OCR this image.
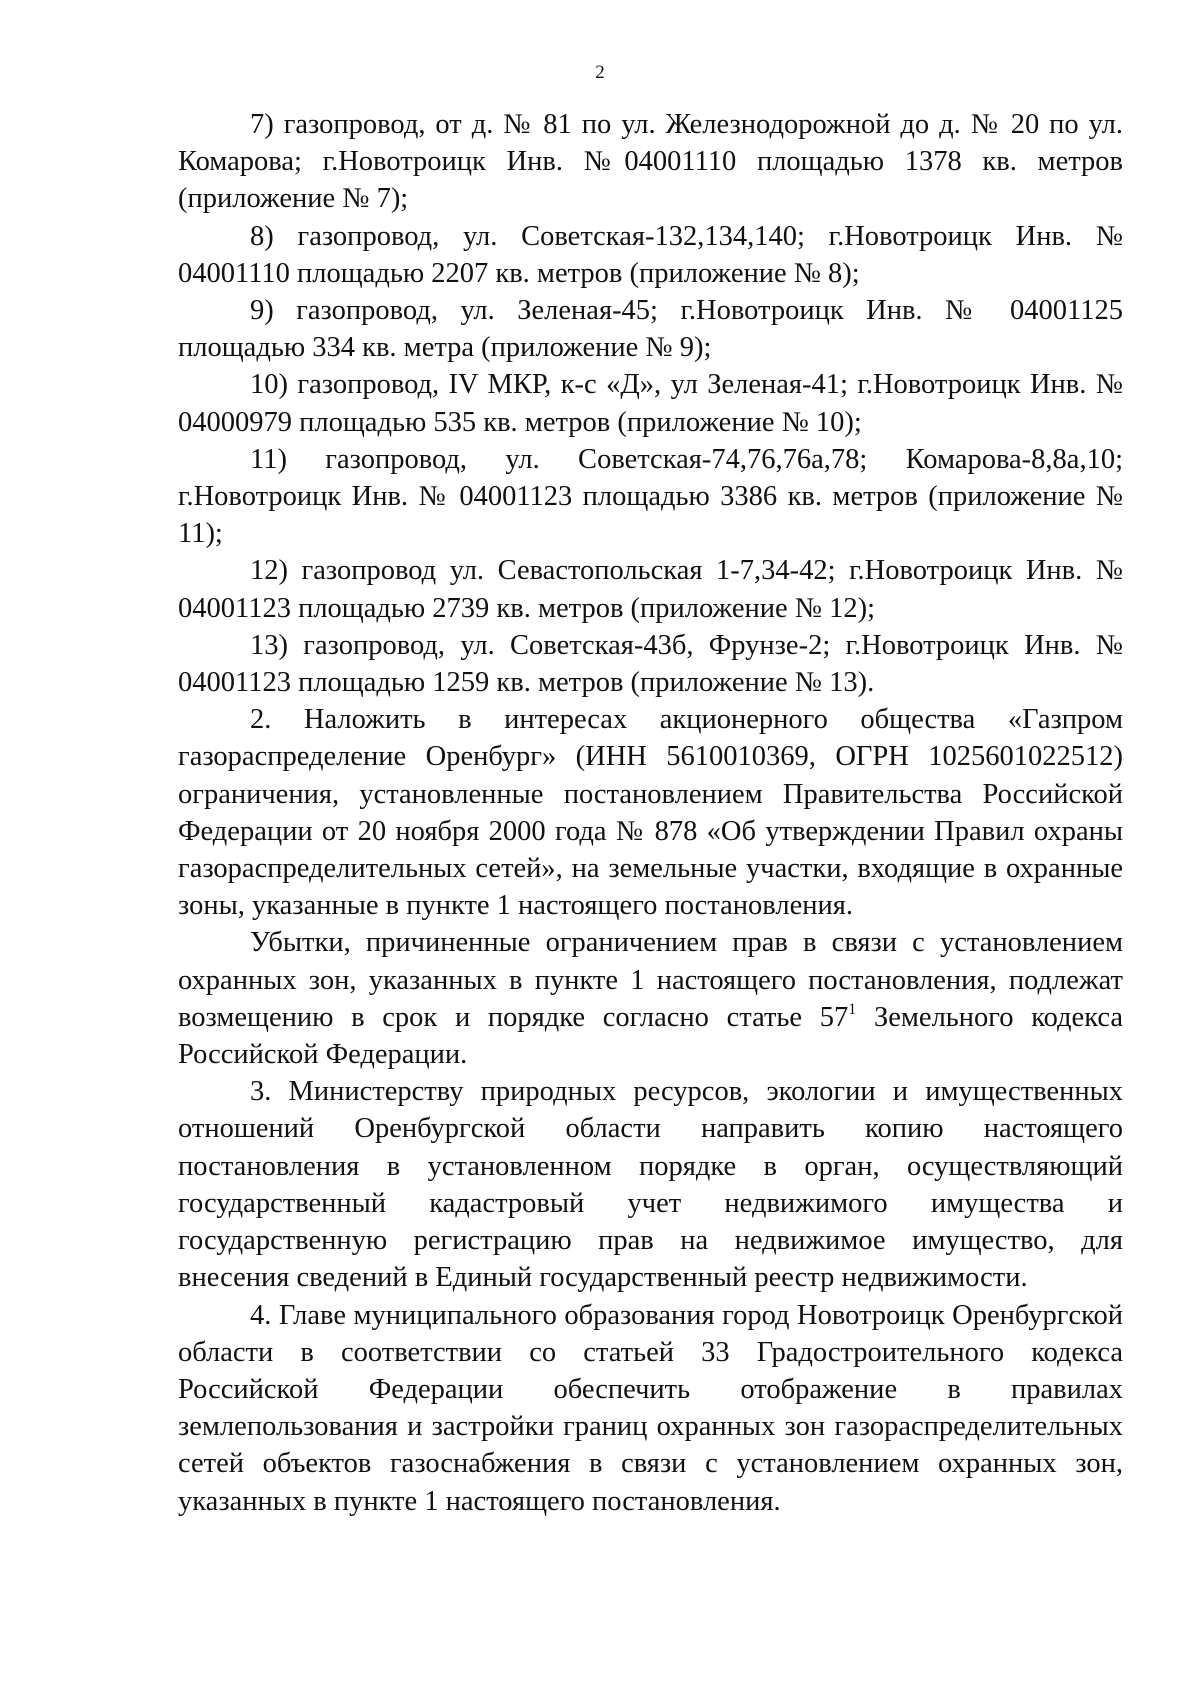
2

7) газопровод, от д. № 81 по ул. Железнодорожной до д. № 20 по ул. Комарова; г.Новотроицк Инв. №04001110 площадью 1378 кв. метров (приложение № 7);

8) газопровод, ул. Советская-132,134,140; г.Новотроицк Инв. № 04001110 площадью 2207 кв. метров (приложение № 8);

9) газопровод, ул. Зеленая-45; г.Новотроицк Инв. № 04001125 площадью 334 кв. метра (приложение № 9);

10) газопровод, IV МКР, к-с «Д», ул Зеленая-41; г.Новотроицк Инв. № 04000979 площадью 535 кв. метров (приложение № 10);

11) газопровод, ул. Советская-74,76,76а,78; Комарова-8,8а,10; г.Новотроицк Инв. № 04001123 площадью 3386 кв. метров (приложение № 11);

12) газопровод ул. Севастопольская 1-7,34-42; г.Новотроицк Инв. № 04001123 площадью 2739 кв. метров (приложение № 12);

13) газопровод, ул. Советская-43б, Фрунзе-2; г.Новотроицк Инв. № 04001123 площадью 1259 кв. метров (приложение № 13).

2. Наложить в интересах акционерного общества «Газпром газораспределение Оренбург» (ИНН 5610010369, ОГРН 1025601022512) ограничения, установленные постановлением Правительства Российской Федерации от 20 ноября 2000 года № 878 «Об утверждении Правил охраны газораспределительных сетей», на земельные участки, входящие в охранные зоны, указанные в пункте 1 настоящего постановления.

Убытки, причиненные ограничением прав в связи с установлением охранных зон, указанных в пункте 1 настоящего постановления, подлежат возмещению в срок и порядке согласно статье $57^1$ Земельного кодекса Российской Федерации.

3. Министерству природных ресурсов, экологии и имущественных отношений Оренбургской области направить копию настоящего постановления в установленном порядке в орган, осуществляющий государственный кадастровый учет недвижимого имущества и государственную регистрацию прав на недвижимое имущество, для внесения сведений в Единый государственный реестр недвижимости.

4. Главе муниципального образования город Новотроицк Оренбургской области в соответствии со статьей 33 Градостроительного кодекса Российской Федерации обеспечить отображение в правилах землепользования и застройки границ охранных зон газораспределительных сетей объектов газоснабжения в связи с установлением охранных зон, указанных в пункте 1 настоящего постановления.
